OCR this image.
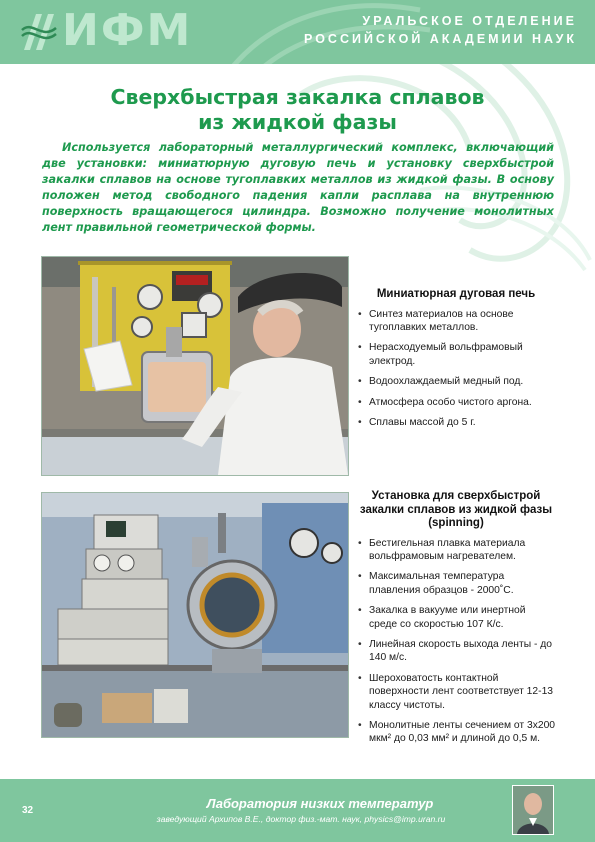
ИФМ	УРАЛЬСКОЕ ОТДЕЛЕНИЕ
РОССИЙСКОЙ АКАДЕМИИ НАУК
Сверхбыстрая закалка сплавов
из жидкой фазы
Используется лабораторный металлургический комплекс, включающий две установки: миниатюрную дуговую печь и установку сверхбыстрой закалки сплавов на основе тугоплавких металлов из жидкой фазы. В основу положен метод свободного падения капли расплава на внутреннюю поверхность вращающегося цилиндра. Возможно получение монолитных лент правильной геометрической формы.
Миниатюрная дуговая печь
• Синтез материалов на основе тугоплавких металлов.
• Нерасходуемый вольфрамовый электрод.
• Водоохлаждаемый медный под.
• Атмосфера особо чистого аргона.
• Сплавы массой до 5 г.
Установка для сверхбыстрой закалки сплавов из жидкой фазы (spinning)
• Бестигельная плавка материала вольфрамовым нагревателем.
• Максимальная температура плавления образцов - 2000˚С.
• Закалка в вакууме или инертной среде со скоростью 107 К/с.
• Линейная скорость выхода ленты - до 140 м/с.
• Шероховатость контактной поверхности лент соответствует 12-13 классу чистоты.
• Монолитные ленты сечением от 3х200 мкм² до 0,03 мм² и длиной до 0,5 м.
32	Лаборатория низких температур
заведующий Архипов В.Е., доктор физ.-мат. наук, physics@imp.uran.ru
